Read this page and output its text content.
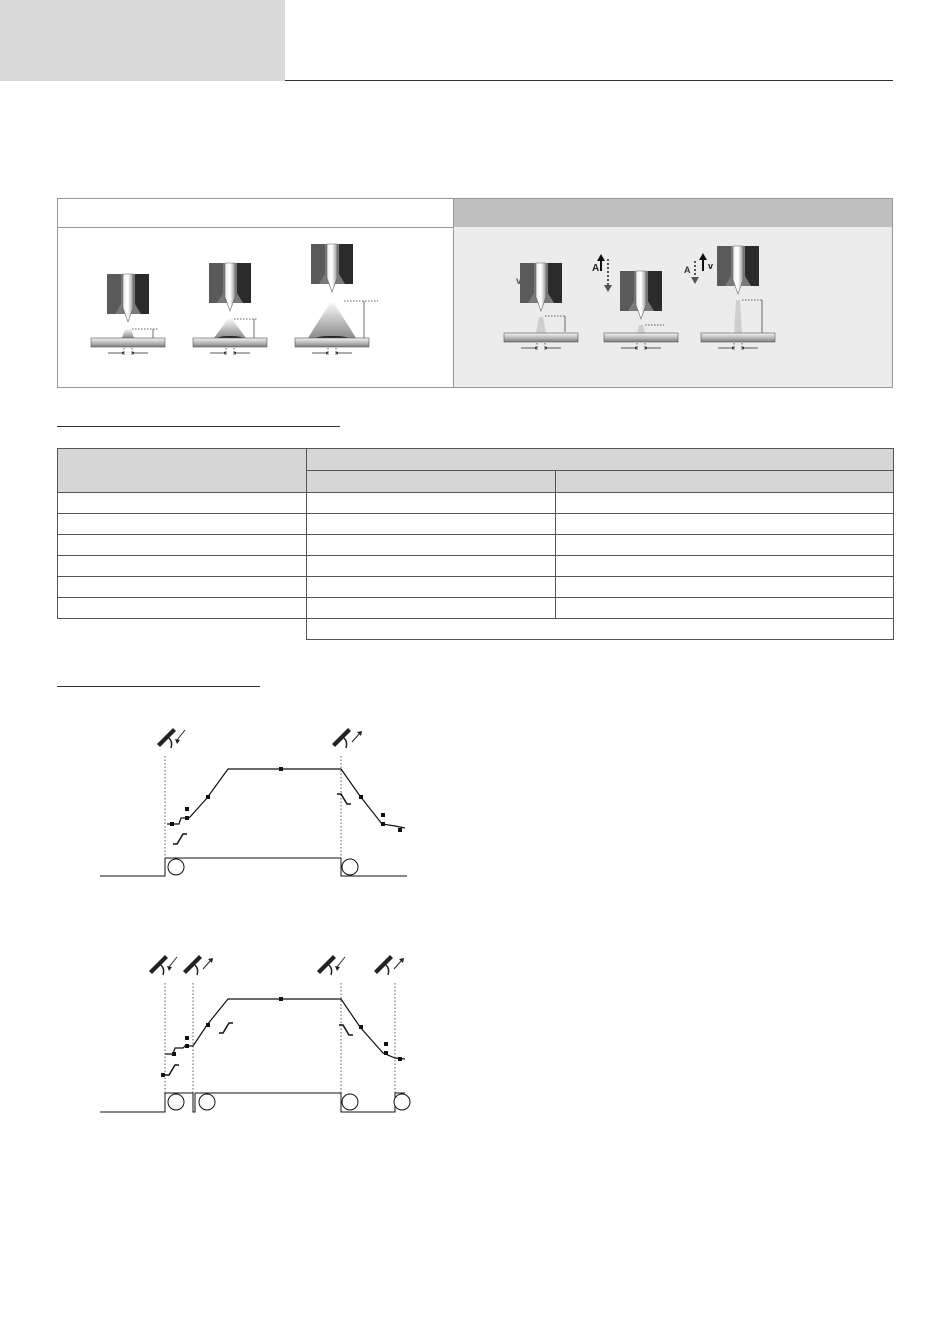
v
A	A v
